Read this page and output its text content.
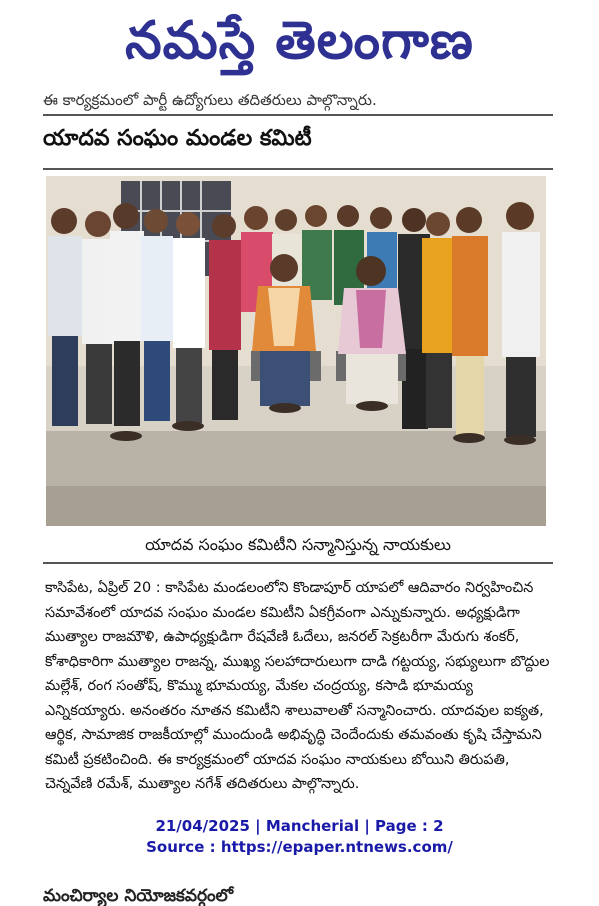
నమస్తే తెలంగాణ
ఈ కార్యక్రమంలో పార్టీ ఉద్యోగులు తదితరులు పాల్గొన్నారు.
యాదవ సంఘం మండల కమిటీ
యాదవ సంఘం కమిటీని సన్మానిస్తున్న నాయకులు

కాసిపేట, ఏప్రిల్ 20 : కాసిపేట మండలంలోని కొండాపూర్ యాపలో ఆదివారం నిర్వహించిన సమావేశంలో యాదవ సంఘం మండల కమిటీని ఏకగ్రీవంగా ఎన్నుకున్నారు. అధ్యక్షుడిగా ముత్యాల రాజమౌళి, ఉపాధ్యక్షుడిగా రేషవేణి ఓదేలు, జనరల్ సెక్రటరీగా మేరుగు శంకర్, కోశాధికారిగా ముత్యాల రాజన్న, ముఖ్య సలహాదారులుగా దాడి గట్టయ్య, సభ్యులుగా బొద్దుల మల్లేశ్, రంగ సంతోష్, కొమ్ము భూమయ్య, మేకల చంద్రయ్య, కసాడి భూమయ్య ఎన్నికయ్యారు. అనంతరం నూతన కమిటీని శాలువాలతో సన్మానించారు. యాదవుల ఐక్యత, ఆర్థిక, సామాజిక రాజకీయాల్లో ముందుండి అభివృద్ధి చెందేందుకు తమవంతు కృషి చేస్తామని కమిటీ ప్రకటించింది. ఈ కార్యక్రమంలో యాదవ సంఘం నాయకులు బోయిని తిరుపతి, చెన్నవేణి రమేశ్, ముత్యాల నగేశ్ తదితరులు పాల్గొన్నారు.

మంచిర్యాల నియోజకవర్గంలో
21/04/2025 | Mancherial | Page : 2
Source : https://epaper.ntnews.com/
